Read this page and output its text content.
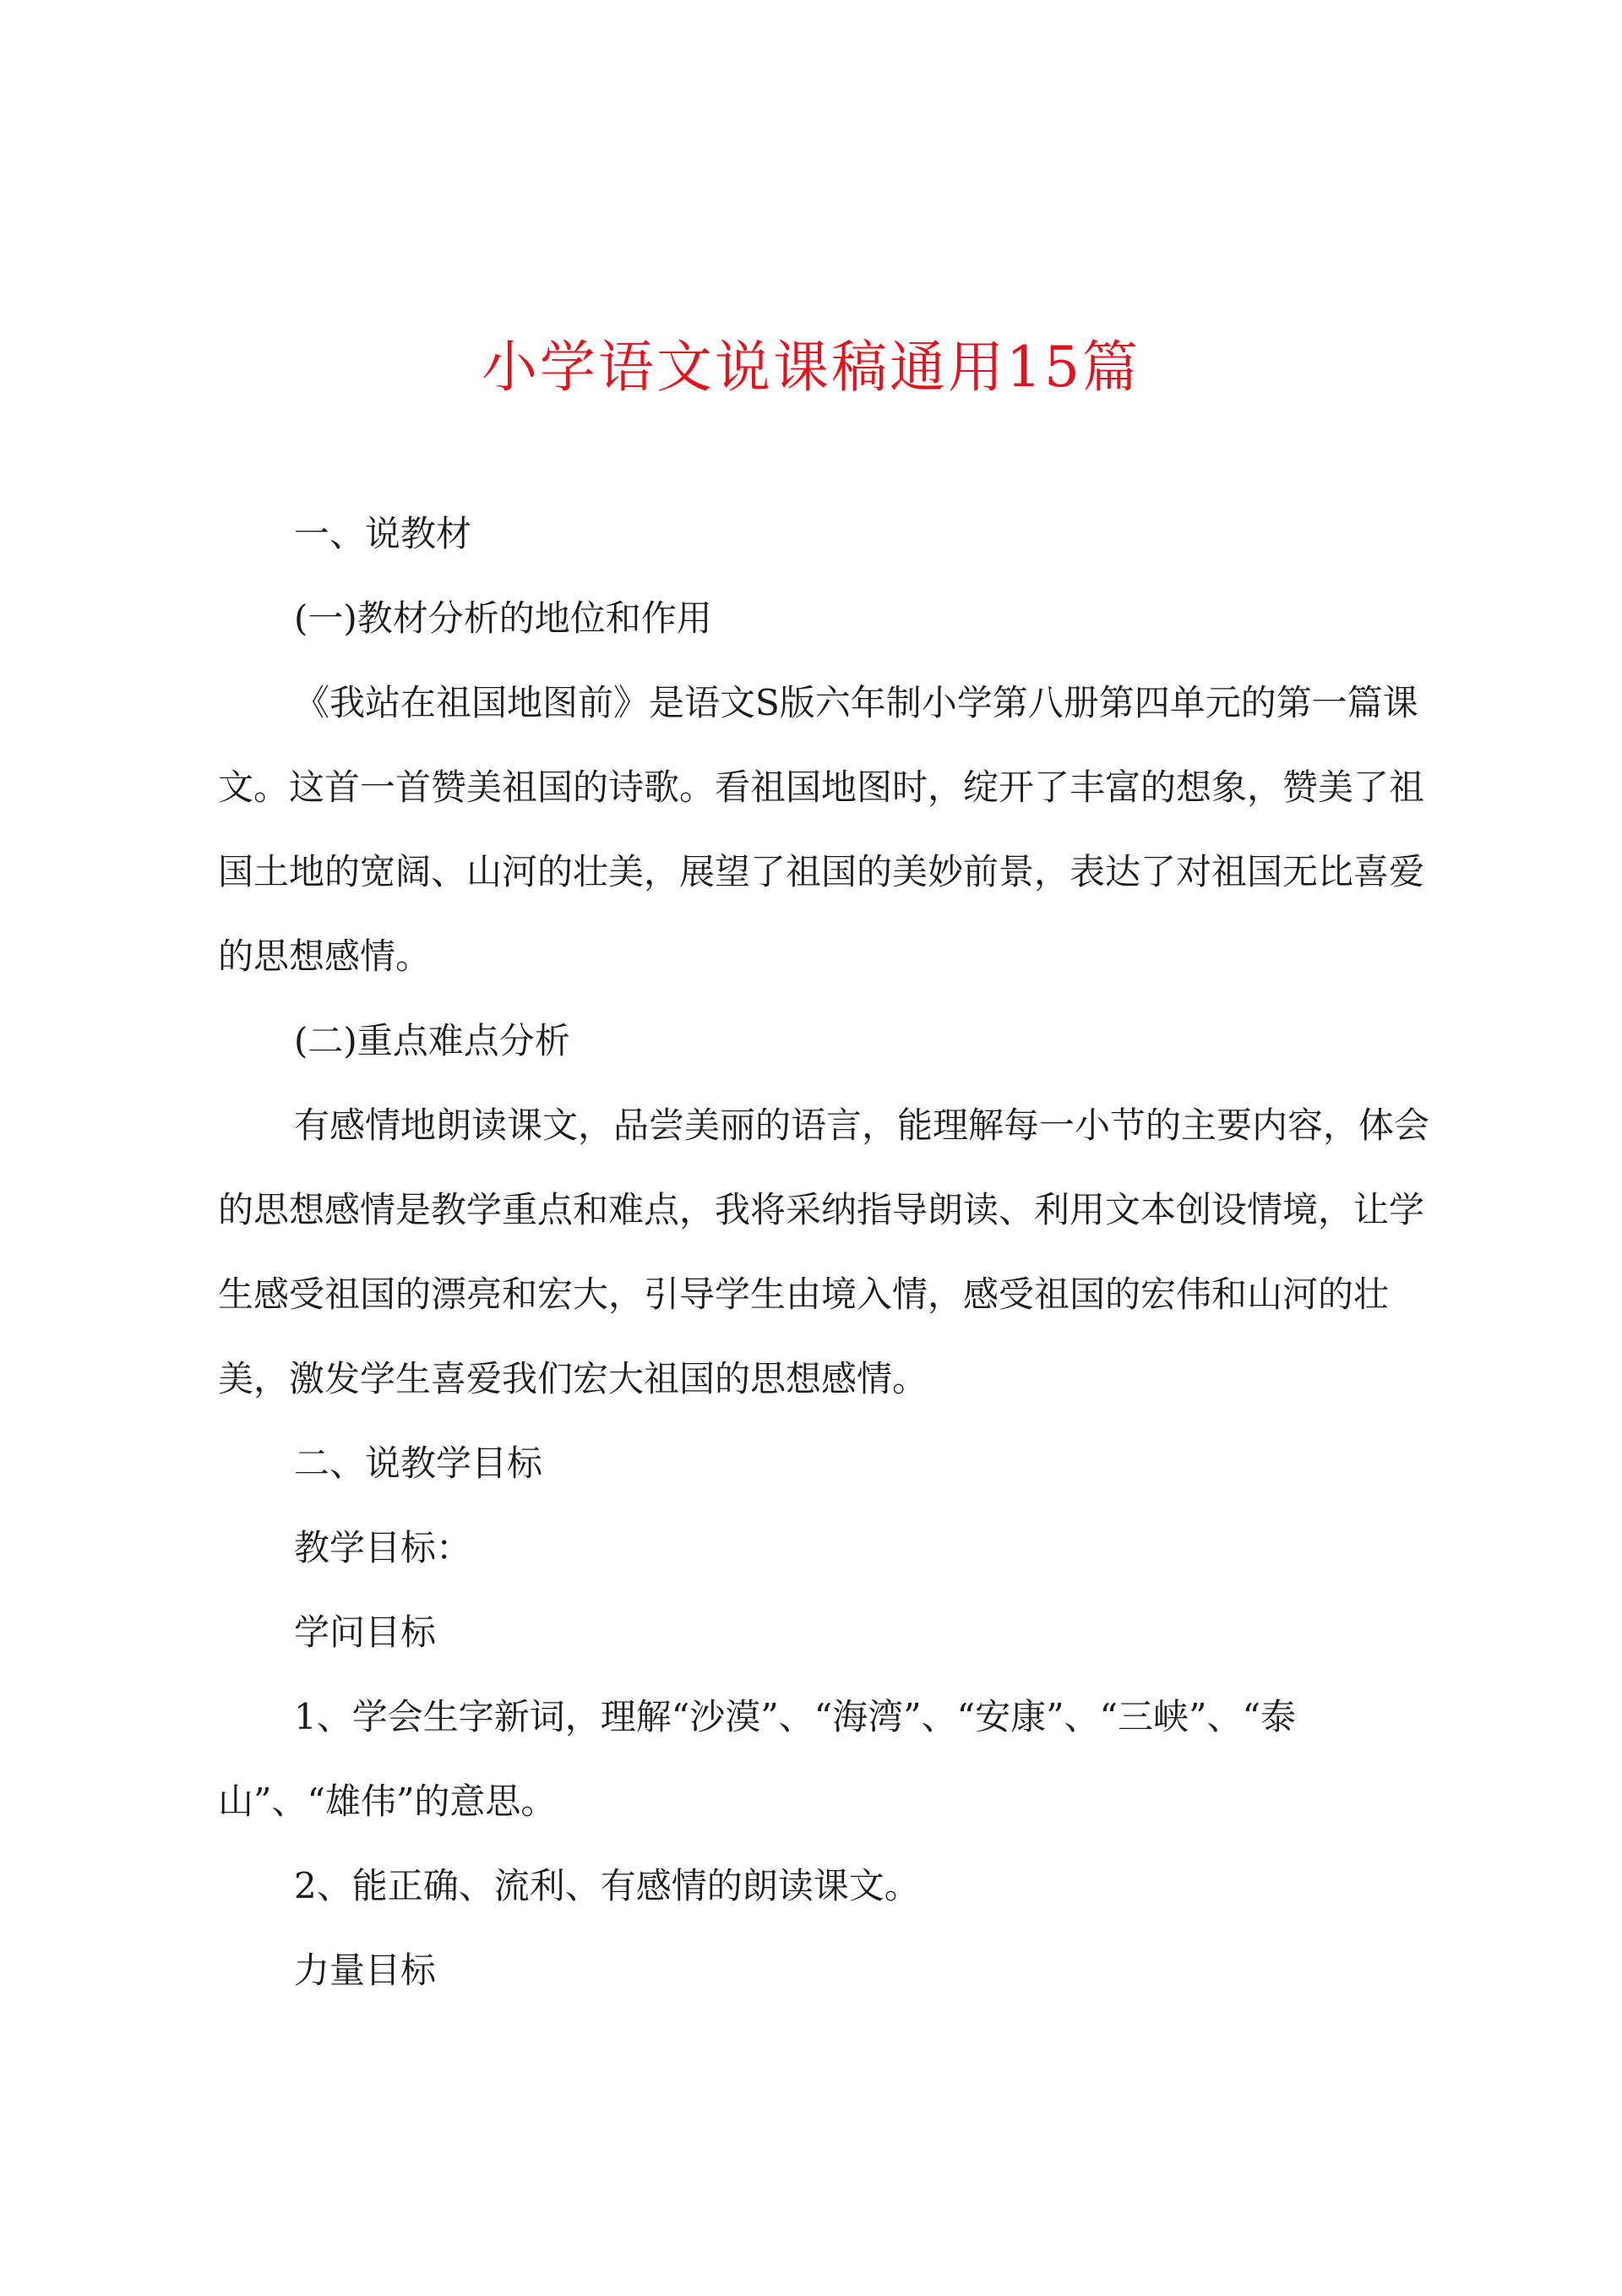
小学语文说课稿通用15篇

一、说教材

(一)教材分析的地位和作用

《我站在祖国地图前》是语文S版六年制小学第八册第四单元的第一篇课文。这首一首赞美祖国的诗歌。看祖国地图时，绽开了丰富的想象，赞美了祖国土地的宽阔、山河的壮美，展望了祖国的美妙前景，表达了对祖国无比喜爱的思想感情。

(二)重点难点分析

有感情地朗读课文，品尝美丽的语言，能理解每一小节的主要内容，体会的思想感情是教学重点和难点，我将采纳指导朗读、利用文本创设情境，让学生感受祖国的漂亮和宏大，引导学生由境入情，感受祖国的宏伟和山河的壮美，激发学生喜爱我们宏大祖国的思想感情。

二、说教学目标

教学目标：

学问目标

1、学会生字新词，理解“沙漠”、“海湾”、“安康”、“三峡”、“泰山”、“雄伟”的意思。

2、能正确、流利、有感情的朗读课文。

力量目标
